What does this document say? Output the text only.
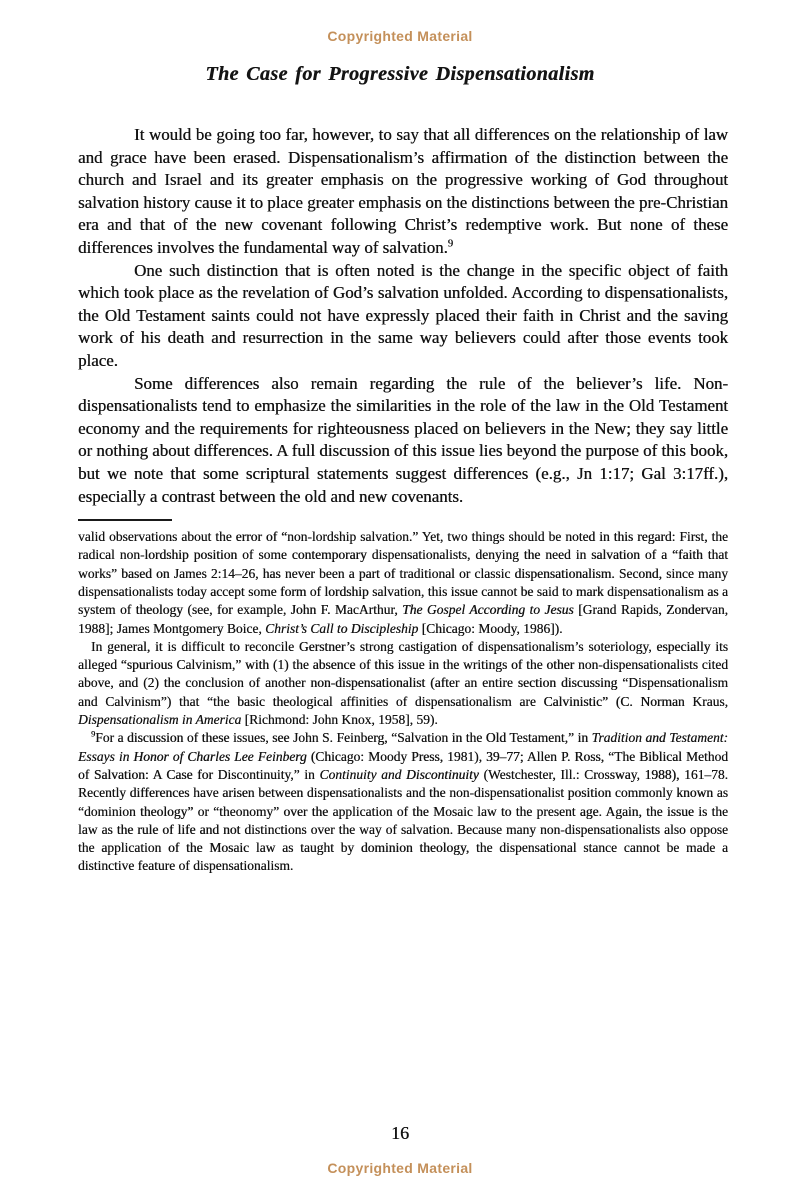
Copyrighted Material
The Case for Progressive Dispensationalism

It would be going too far, however, to say that all differences on the relationship of law and grace have been erased. Dispensationalism’s affirmation of the distinction between the church and Israel and its greater emphasis on the progressive working of God throughout salvation history cause it to place greater emphasis on the distinctions between the pre-Christian era and that of the new covenant following Christ’s redemptive work. But none of these differences involves the fundamental way of salvation.$^9$

One such distinction that is often noted is the change in the specific object of faith which took place as the revelation of God’s salvation unfolded. According to dispensationalists, the Old Testament saints could not have expressly placed their faith in Christ and the saving work of his death and resurrection in the same way believers could after those events took place.

Some differences also remain regarding the rule of the believer’s life. Non-dispensationalists tend to emphasize the similarities in the role of the law in the Old Testament economy and the requirements for righteousness placed on believers in the New; they say little or nothing about differences. A full discussion of this issue lies beyond the purpose of this book, but we note that some scriptural statements suggest differences (e.g., Jn 1:17; Gal 3:17ff.), especially a contrast between the old and new covenants.

valid observations about the error of “non-lordship salvation.” Yet, two things should be noted in this regard: First, the radical non-lordship position of some contemporary dispensationalists, denying the need in salvation of a “faith that works” based on James 2:14–26, has never been a part of traditional or classic dispensationalism. Second, since many dispensationalists today accept some form of lordship salvation, this issue cannot be said to mark dispensationalism as a system of theology (see, for example, John F. MacArthur, The Gospel According to Jesus [Grand Rapids, Zondervan, 1988]; James Montgomery Boice, Christ’s Call to Discipleship [Chicago: Moody, 1986]).

In general, it is difficult to reconcile Gerstner’s strong castigation of dispensationalism’s soteriology, especially its alleged “spurious Calvinism,” with (1) the absence of this issue in the writings of the other non-dispensationalists cited above, and (2) the conclusion of another non-dispensationalist (after an entire section discussing “Dispensationalism and Calvinism”) that “the basic theological affinities of dispensationalism are Calvinistic” (C. Norman Kraus, Dispensationalism in America [Richmond: John Knox, 1958], 59).

$^9$For a discussion of these issues, see John S. Feinberg, “Salvation in the Old Testament,” in Tradition and Testament: Essays in Honor of Charles Lee Feinberg (Chicago: Moody Press, 1981), 39–77; Allen P. Ross, “The Biblical Method of Salvation: A Case for Discontinuity,” in Continuity and Discontinuity (Westchester, Ill.: Crossway, 1988), 161–78. Recently differences have arisen between dispensationalists and the non-dispensationalist position commonly known as “dominion theology” or “theonomy” over the application of the Mosaic law to the present age. Again, the issue is the law as the rule of life and not distinctions over the way of salvation. Because many non-dispensationalists also oppose the application of the Mosaic law as taught by dominion theology, the dispensational stance cannot be made a distinctive feature of dispensationalism.

16
Copyrighted Material
